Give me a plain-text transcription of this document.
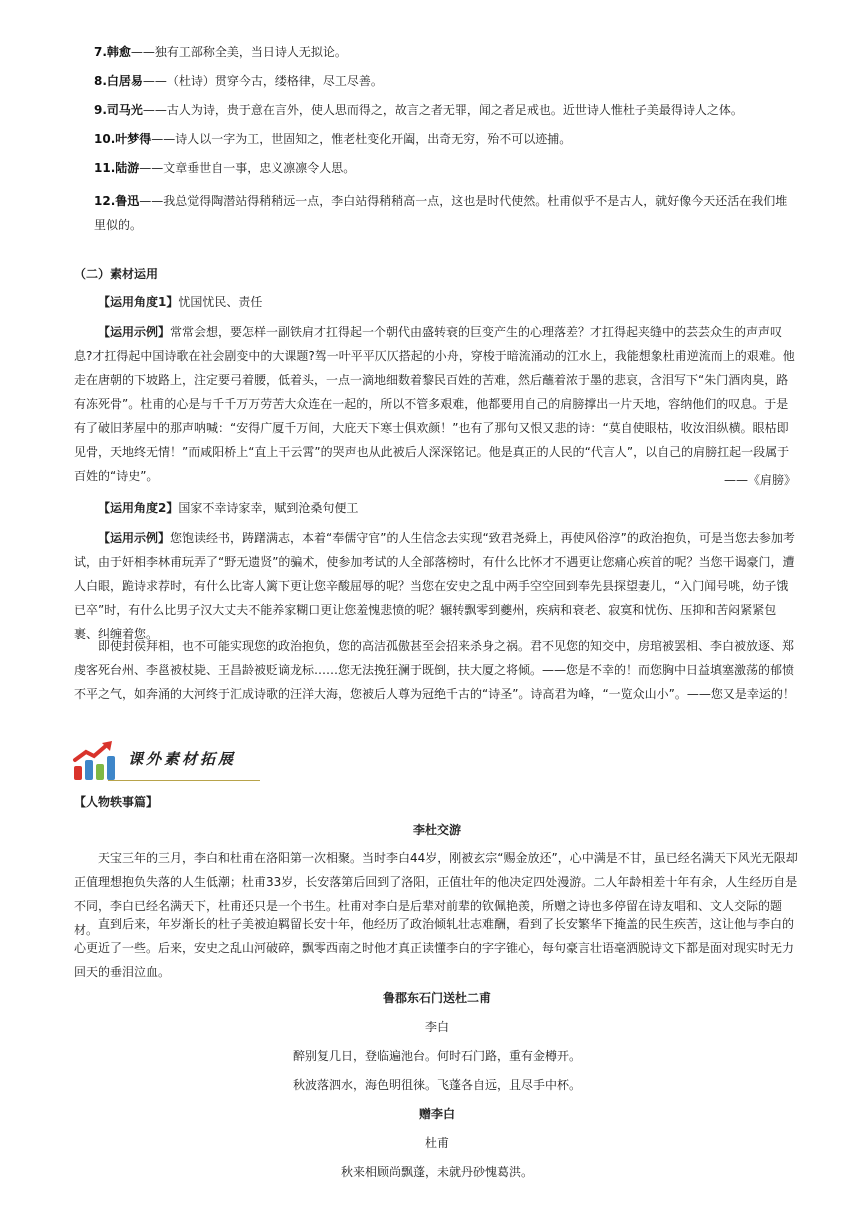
7.韩愈——独有工部称全美，当日诗人无拟论。

8.白居易——（杜诗）贯穿今古，缕格律，尽工尽善。

9.司马光——古人为诗，贵于意在言外，使人思而得之，故言之者无罪，闻之者足戒也。近世诗人惟杜子美最得诗人之体。

10.叶梦得——诗人以一字为工，世固知之，惟老杜变化开阖，出奇无穷，殆不可以迹捕。

11.陆游——文章垂世自一事，忠义凛凛令人思。

12.鲁迅——我总觉得陶潜站得稍稍远一点，李白站得稍稍高一点，这也是时代使然。杜甫似乎不是古人，就好像今天还活在我们堆里似的。

（二）素材运用

【运用角度1】忧国忧民、责任

【运用示例】常常会想，要怎样一副铁肩才扛得起一个朝代由盛转衰的巨变产生的心理落差？才扛得起夹缝中的芸芸众生的声声叹息?才扛得起中国诗歌在社会剧变中的大课题?驾一叶平平仄仄搭起的小舟，穿梭于暗流涌动的江水上，我能想象杜甫逆流而上的艰难。他走在唐朝的下坡路上，注定要弓着腰，低着头，一点一滴地细数着黎民百姓的苦难，然后蘸着浓于墨的悲哀，含泪写下“朱门酒肉臭，路有冻死骨”。杜甫的心是与千千万万劳苦大众连在一起的，所以不管多艰难，他都要用自己的肩膀撑出一片天地，容纳他们的叹息。于是有了破旧茅屋中的那声呐喊：“安得广厦千万间，大庇天下寒士俱欢颜！”也有了那句又恨又悲的诗：“莫自使眼枯，收汝泪纵横。眼枯即见骨，天地终无情！”而咸阳桥上“直上干云霄”的哭声也从此被后人深深铭记。他是真正的人民的“代言人”，以自己的肩膀扛起一段属于百姓的“诗史”。	——《肩膀》

【运用角度2】国家不幸诗家幸，赋到沧桑句便工

【运用示例】您饱读经书，踌躇满志，本着“奉儒守官”的人生信念去实现“致君尧舜上，再使风俗淳”的政治抱负，可是当您去参加考试，由于奸相李林甫玩弄了“野无遗贤”的骗术，使参加考试的人全部落榜时，有什么比怀才不遇更让您痛心疾首的呢？当您干谒豪门，遭人白眼，跪诗求荐时，有什么比寄人篱下更让您辛酸屈辱的呢？当您在安史之乱中两手空空回到奉先县探望妻儿，“入门闻号咷，幼子饿已卒”时，有什么比男子汉大丈夫不能养家糊口更让您羞愧悲愤的呢？辗转飘零到夔州，疾病和衰老、寂寞和忧伤、压抑和苦闷紧紧包裹、纠缠着您。

即使封侯拜相，也不可能实现您的政治抱负，您的高洁孤傲甚至会招来杀身之祸。君不见您的知交中，房琯被罢相、李白被放逐、郑虔客死台州、李邕被杖毙、王昌龄被贬谪龙标……您无法挽狂澜于既倒，扶大厦之将倾。——您是不幸的！而您胸中日益填塞激荡的郁愤不平之气，如奔涌的大河终于汇成诗歌的汪洋大海，您被后人尊为冠绝千古的“诗圣”。诗高君为峰，“一览众山小”。——您又是幸运的！

课外素材拓展

【人物轶事篇】

李杜交游

天宝三年的三月，李白和杜甫在洛阳第一次相聚。当时李白44岁，刚被玄宗“赐金放还”，心中满是不甘，虽已经名满天下风光无限却正值理想抱负失落的人生低潮；杜甫33岁，长安落第后回到了洛阳，正值壮年的他决定四处漫游。二人年龄相差十年有余，人生经历自是不同，李白已经名满天下，杜甫还只是一个书生。杜甫对李白是后辈对前辈的钦佩艳羡，所赠之诗也多停留在诗友唱和、文人交际的题材。 直到后来，年岁渐长的杜子美被迫羁留长安十年，他经历了政治倾轧壮志难酬，看到了长安繁华下掩盖的民生疾苦，这让他与李白的心更近了一些。后来，安史之乱山河破碎，飘零西南之时他才真正读懂李白的字字锥心，每句豪言壮语毫洒脱诗文下都是面对现实时无力回天的垂泪泣血。

鲁郡东石门送杜二甫

李白

醉别复几日，登临遍池台。何时石门路，重有金樽开。

秋波落泗水，海色明徂徕。飞蓬各自远，且尽手中杯。

赠李白

杜甫

秋来相顾尚飘蓬，未就丹砂愧葛洪。
